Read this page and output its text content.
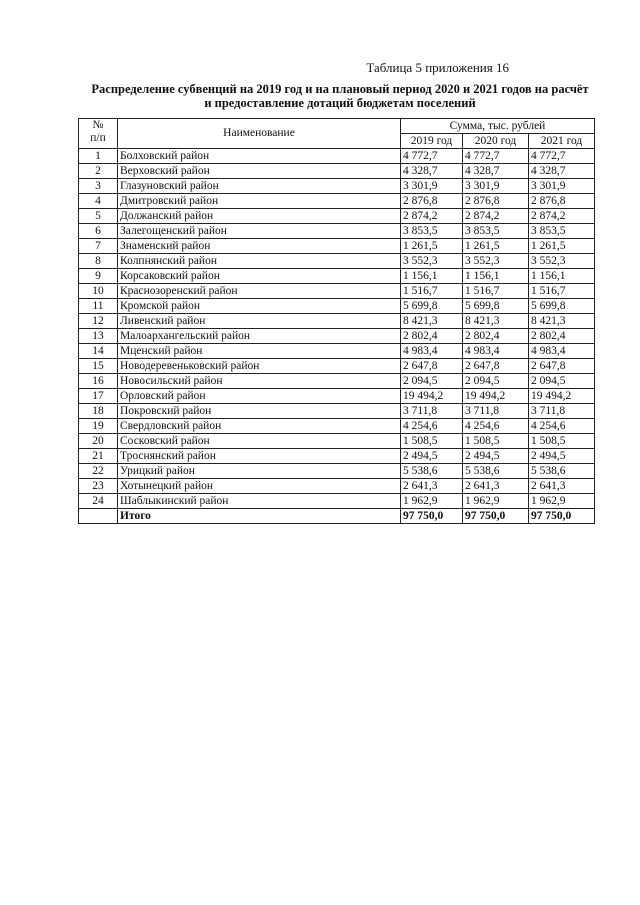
Таблица 5 приложения 16
Распределение субвенций на 2019 год и на плановый период 2020 и 2021 годов на расчёт
и предоставление дотаций бюджетам поселений
№
п/п	Наименование	Сумма, тыс. рублей		
		2019 год	2020 год	2021 год
1	Болховский район	4 772,7	4 772,7	4 772,7
2	Верховский район	4 328,7	4 328,7	4 328,7
3	Глазуновский район	3 301,9	3 301,9	3 301,9
4	Дмитровский район	2 876,8	2 876,8	2 876,8
5	Должанский район	2 874,2	2 874,2	2 874,2
6	Залегощенский район	3 853,5	3 853,5	3 853,5
7	Знаменский район	1 261,5	1 261,5	1 261,5
8	Колпнянский район	3 552,3	3 552,3	3 552,3
9	Корсаковский район	1 156,1	1 156,1	1 156,1
10	Краснозоренский район	1 516,7	1 516,7	1 516,7
11	Кромской район	5 699,8	5 699,8	5 699,8
12	Ливенский район	8 421,3	8 421,3	8 421,3
13	Малоархангельский район	2 802,4	2 802,4	2 802,4
14	Мценский район	4 983,4	4 983,4	4 983,4
15	Новодеревеньковский район	2 647,8	2 647,8	2 647,8
16	Новосильский район	2 094,5	2 094,5	2 094,5
17	Орловский район	19 494,2	19 494,2	19 494,2
18	Покровский район	3 711,8	3 711,8	3 711,8
19	Свердловский район	4 254,6	4 254,6	4 254,6
20	Сосковский район	1 508,5	1 508,5	1 508,5
21	Троснянский район	2 494,5	2 494,5	2 494,5
22	Урицкий район	5 538,6	5 538,6	5 538,6
23	Хотынецкий район	2 641,3	2 641,3	2 641,3
24	Шаблыкинский район	1 962,9	1 962,9	1 962,9
	Итого	97 750,0	97 750,0	97 750,0
